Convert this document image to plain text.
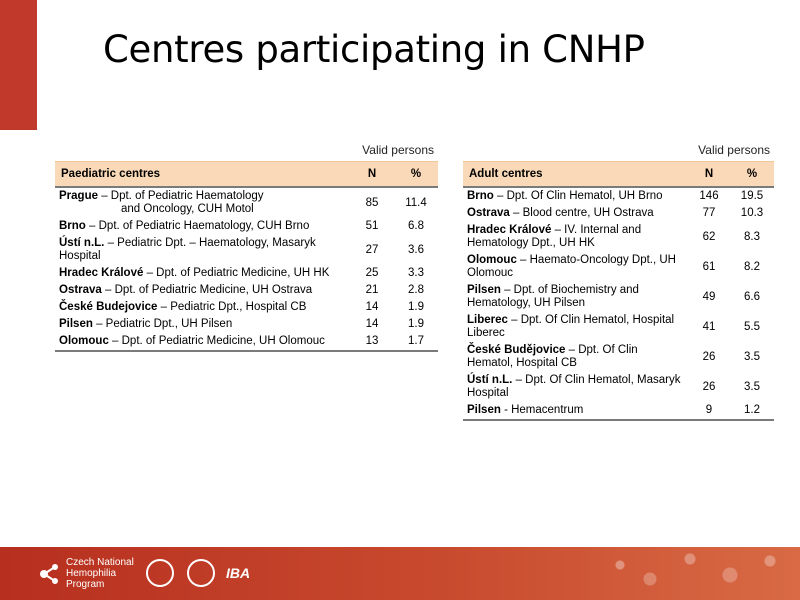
Centres participating in CNHP
Valid persons
Paediatric centres	N	%
Prague – Dpt. of Pediatric Haematology
and Oncology, CUH Motol	85	11.4
Brno – Dpt. of Pediatric Haematology, CUH Brno	51	6.8
Ústí n.L. – Pediatric Dpt. – Haematology, Masaryk Hospital	27	3.6
Hradec Králové – Dpt. of Pediatric Medicine, UH HK	25	3.3
Ostrava – Dpt. of Pediatric Medicine, UH Ostrava	21	2.8
České Budejovice – Pediatric Dpt., Hospital CB	14	1.9
Pilsen – Pediatric Dpt., UH Pilsen	14	1.9
Olomouc – Dpt. of Pediatric Medicine, UH Olomouc	13	1.7
Valid persons
Adult centres	N	%
Brno – Dpt. Of Clin Hematol, UH Brno	146	19.5
Ostrava – Blood centre, UH Ostrava	77	10.3
Hradec Králové – IV. Internal and Hematology Dpt., UH HK	62	8.3
Olomouc – Haemato-Oncology Dpt., UH Olomouc	61	8.2
Pilsen – Dpt. of Biochemistry and Hematology, UH Pilsen	49	6.6
Liberec – Dpt. Of Clin Hematol, Hospital Liberec	41	5.5
České Budějovice – Dpt. Of Clin Hematol, Hospital CB	26	3.5
Ústí n.L. – Dpt. Of Clin Hematol, Masaryk Hospital	26	3.5
Pilsen - Hemacentrum	9	1.2
Czech National
Hemophilia
Program
IBA
